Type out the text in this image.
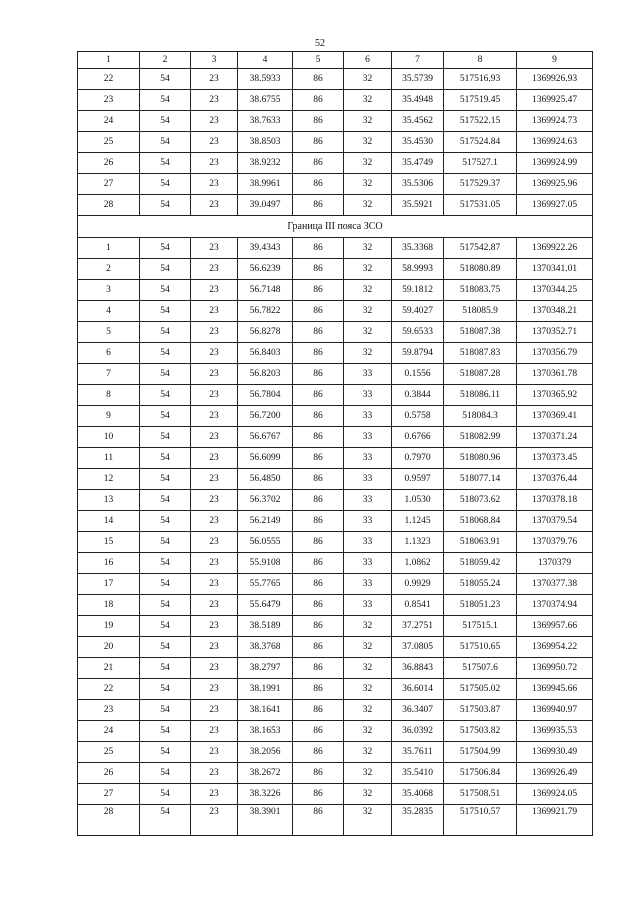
52
1	2	3	4	5	6	7	8	9
22	54	23	38.5933	86	32	35.5739	517516.93	1369926.93
23	54	23	38.6755	86	32	35.4948	517519.45	1369925.47
24	54	23	38.7633	86	32	35.4562	517522.15	1369924.73
25	54	23	38.8503	86	32	35.4530	517524.84	1369924.63
26	54	23	38.9232	86	32	35.4749	517527.1	1369924.99
27	54	23	38.9961	86	32	35.5306	517529.37	1369925.96
28	54	23	39.0497	86	32	35.5921	517531.05	1369927.05
Граница III пояса ЗСО								
1	54	23	39.4343	86	32	35.3368	517542.87	1369922.26
2	54	23	56.6239	86	32	58.9993	518080.89	1370341.01
3	54	23	56.7148	86	32	59.1812	518083.75	1370344.25
4	54	23	56.7822	86	32	59.4027	518085.9	1370348.21
5	54	23	56.8278	86	32	59.6533	518087.38	1370352.71
6	54	23	56.8403	86	32	59.8794	518087.83	1370356.79
7	54	23	56.8203	86	33	0.1556	518087.28	1370361.78
8	54	23	56.7804	86	33	0.3844	518086.11	1370365.92
9	54	23	56.7200	86	33	0.5758	518084.3	1370369.41
10	54	23	56.6767	86	33	0.6766	518082.99	1370371.24
11	54	23	56.6099	86	33	0.7970	518080.96	1370373.45
12	54	23	56.4850	86	33	0.9597	518077.14	1370376.44
13	54	23	56.3702	86	33	1.0530	518073.62	1370378.18
14	54	23	56.2149	86	33	1.1245	518068.84	1370379.54
15	54	23	56.0555	86	33	1.1323	518063.91	1370379.76
16	54	23	55.9108	86	33	1.0862	518059.42	1370379
17	54	23	55.7765	86	33	0.9929	518055.24	1370377.38
18	54	23	55.6479	86	33	0.8541	518051.23	1370374.94
19	54	23	38.5189	86	32	37.2751	517515.1	1369957.66
20	54	23	38.3768	86	32	37.0805	517510.65	1369954.22
21	54	23	38.2797	86	32	36.8843	517507.6	1369950.72
22	54	23	38.1991	86	32	36.6014	517505.02	1369945.66
23	54	23	38.1641	86	32	36.3407	517503.87	1369940.97
24	54	23	38.1653	86	32	36.0392	517503.82	1369935.53
25	54	23	38.2056	86	32	35.7611	517504.99	1369930.49
26	54	23	38.2672	86	32	35.5410	517506.84	1369926.49
27	54	23	38.3226	86	32	35.4068	517508.51	1369924.05
28	54	23	38.3901	86	32	35.2835	517510.57	1369921.79
